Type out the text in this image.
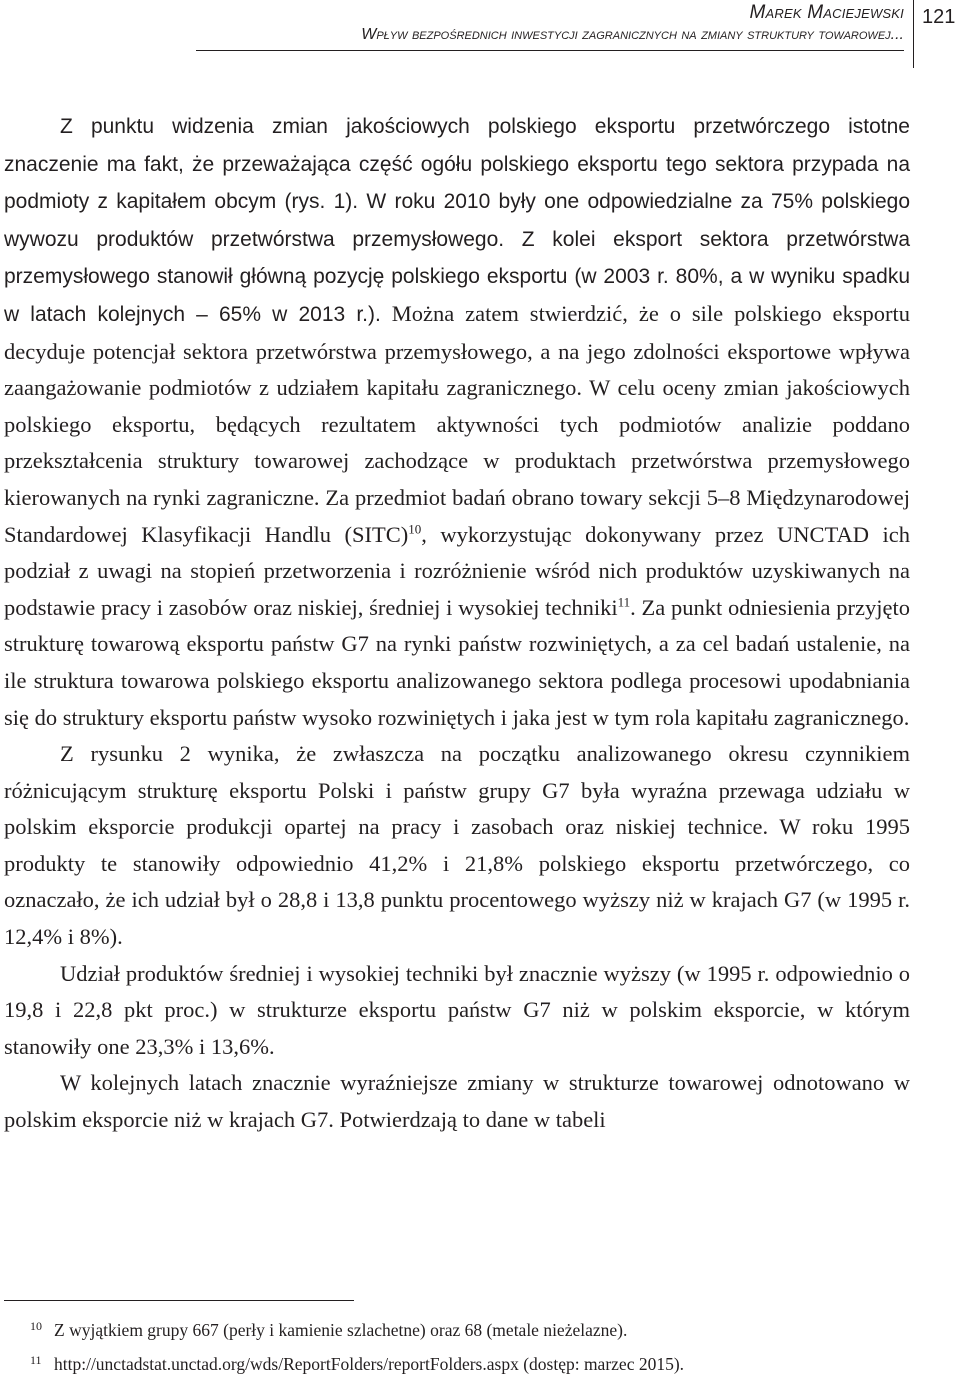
Marek Maciejewski
Wpływ bezpośrednich inwestycji zagranicznych na zmiany struktury towarowej...
121

Z punktu widzenia zmian jakościowych polskiego eksportu przetwórczego istotne znaczenie ma fakt, że przeważająca część ogółu polskiego eksportu tego sektora przypada na podmioty z kapitałem obcym (rys. 1). W roku 2010 były one odpowiedzialne za 75% polskiego wywozu produktów przetwórstwa przemysłowego. Z kolei eksport sektora przetwórstwa przemysłowego stanowił główną pozycję polskiego eksportu (w 2003 r. 80%, a w wyniku spadku w latach kolejnych – 65% w 2013 r.). Można zatem stwierdzić, że o sile polskiego eksportu decyduje potencjał sektora przetwórstwa przemysłowego, a na jego zdolności eksportowe wpływa zaangażowanie podmiotów z udziałem kapitału zagranicznego. W celu oceny zmian jakościowych polskiego eksportu, będących rezultatem aktywności tych podmiotów analizie poddano przekształcenia struktury towarowej zachodzące w produktach przetwórstwa przemysłowego kierowanych na rynki zagraniczne. Za przedmiot badań obrano towary sekcji 5–8 Międzynarodowej Standardowej Klasyfikacji Handlu (SITC)$^{10}$, wykorzystując dokonywany przez UNCTAD ich podział z uwagi na stopień przetworzenia i rozróżnienie wśród nich produktów uzyskiwanych na podstawie pracy i zasobów oraz niskiej, średniej i wysokiej techniki$^{11}$. Za punkt odniesienia przyjęto strukturę towarową eksportu państw G7 na rynki państw rozwiniętych, a za cel badań ustalenie, na ile struktura towarowa polskiego eksportu analizowanego sektora podlega procesowi upodabniania się do struktury eksportu państw wysoko rozwiniętych i jaka jest w tym rola kapitału zagranicznego.

Z rysunku 2 wynika, że zwłaszcza na początku analizowanego okresu czynnikiem różnicującym strukturę eksportu Polski i państw grupy G7 była wyraźna przewaga udziału w polskim eksporcie produkcji opartej na pracy i zasobach oraz niskiej technice. W roku 1995 produkty te stanowiły odpowiednio 41,2% i 21,8% polskiego eksportu przetwórczego, co oznaczało, że ich udział był o 28,8 i 13,8 punktu procentowego wyższy niż w krajach G7 (w 1995 r. 12,4% i 8%).

Udział produktów średniej i wysokiej techniki był znacznie wyższy (w 1995 r. odpowiednio o 19,8 i 22,8 pkt proc.) w strukturze eksportu państw G7 niż w polskim eksporcie, w którym stanowiły one 23,3% i 13,6%.

W kolejnych latach znacznie wyraźniejsze zmiany w strukturze towarowej odnotowano w polskim eksporcie niż w krajach G7. Potwierdzają to dane w tabeli

10 Z wyjątkiem grupy 667 (perły i kamienie szlachetne) oraz 68 (metale nieżelazne).
11 http://unctadstat.unctad.org/wds/ReportFolders/reportFolders.aspx (dostęp: marzec 2015).
